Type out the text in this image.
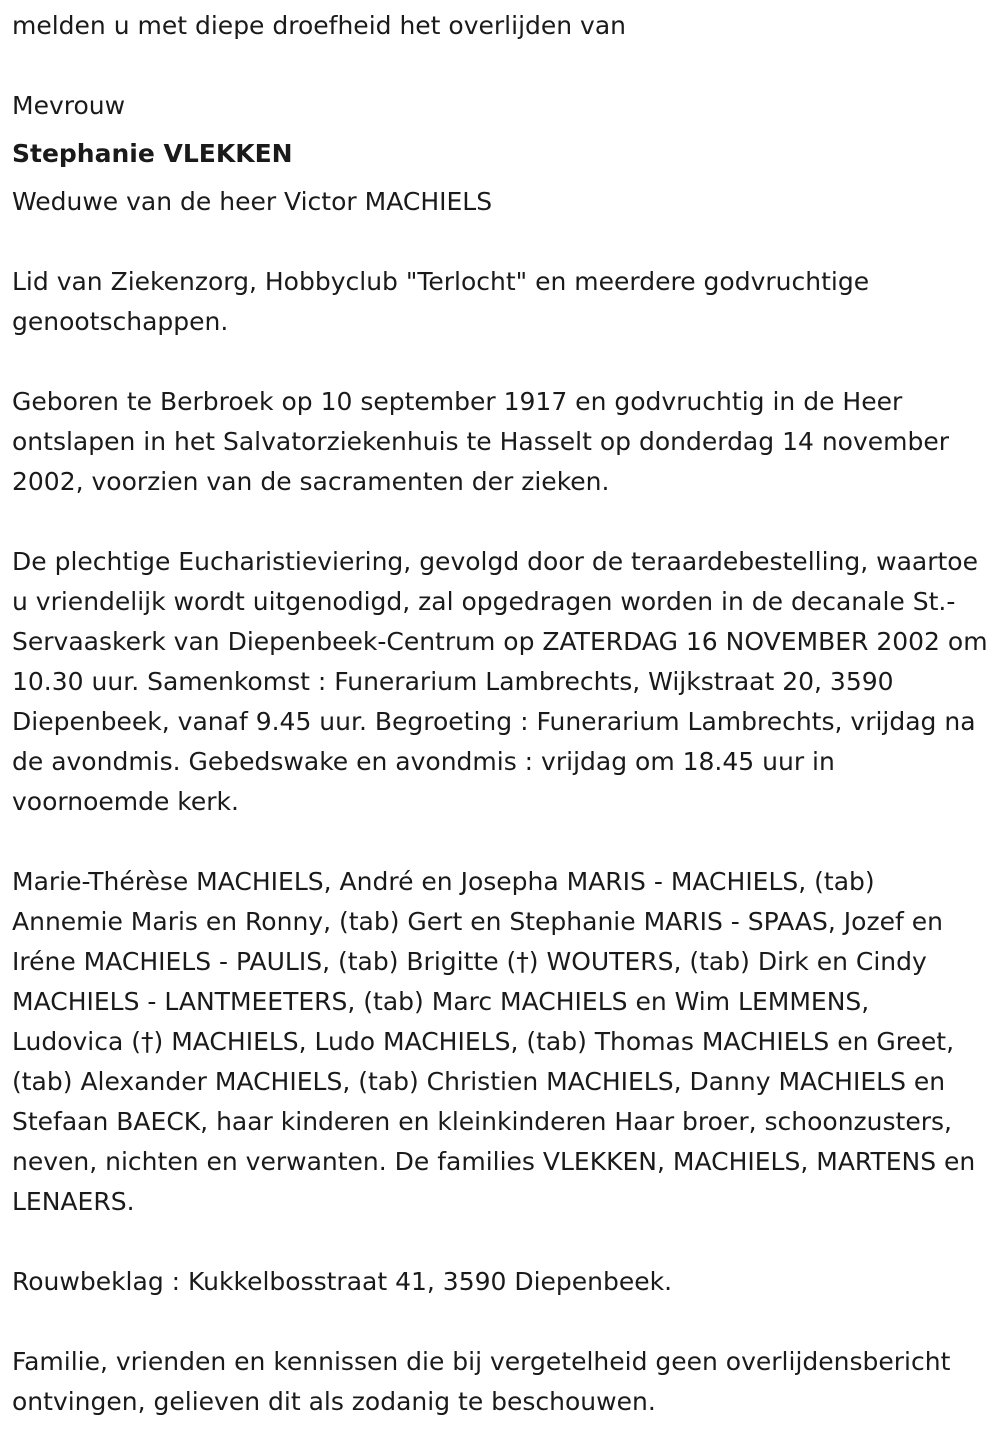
melden u met diepe droefheid het overlijden van

Mevrouw

Stephanie VLEKKEN

Weduwe van de heer Victor MACHIELS

Lid van Ziekenzorg, Hobbyclub "Terlocht" en meerdere godvruchtige genootschappen.

Geboren te Berbroek op 10 september 1917 en godvruchtig in de Heer ontslapen in het Salvatorziekenhuis te Hasselt op donderdag 14 november 2002, voorzien van de sacramenten der zieken.

De plechtige Eucharistieviering, gevolgd door de teraardebestelling, waartoe u vriendelijk wordt uitgenodigd, zal opgedragen worden in de decanale St.-Servaaskerk van Diepenbeek-Centrum op ZATERDAG 16 NOVEMBER 2002 om 10.30 uur. Samenkomst : Funerarium Lambrechts, Wijkstraat 20, 3590 Diepenbeek, vanaf 9.45 uur. Begroeting : Funerarium Lambrechts, vrijdag na de avondmis. Gebedswake en avondmis : vrijdag om 18.45 uur in voornoemde kerk.

Marie-Thérèse MACHIELS, André en Josepha MARIS - MACHIELS, (tab) Annemie Maris en Ronny, (tab) Gert en Stephanie MARIS - SPAAS, Jozef en Iréne MACHIELS - PAULIS, (tab) Brigitte (†) WOUTERS, (tab) Dirk en Cindy MACHIELS - LANTMEETERS, (tab) Marc MACHIELS en Wim LEMMENS, Ludovica (†) MACHIELS, Ludo MACHIELS, (tab) Thomas MACHIELS en Greet, (tab) Alexander MACHIELS, (tab) Christien MACHIELS, Danny MACHIELS en Stefaan BAECK, haar kinderen en kleinkinderen Haar broer, schoonzusters, neven, nichten en verwanten. De families VLEKKEN, MACHIELS, MARTENS en LENAERS.

Rouwbeklag : Kukkelbosstraat 41, 3590 Diepenbeek.

Familie, vrienden en kennissen die bij vergetelheid geen overlijdensbericht ontvingen, gelieven dit als zodanig te beschouwen.
